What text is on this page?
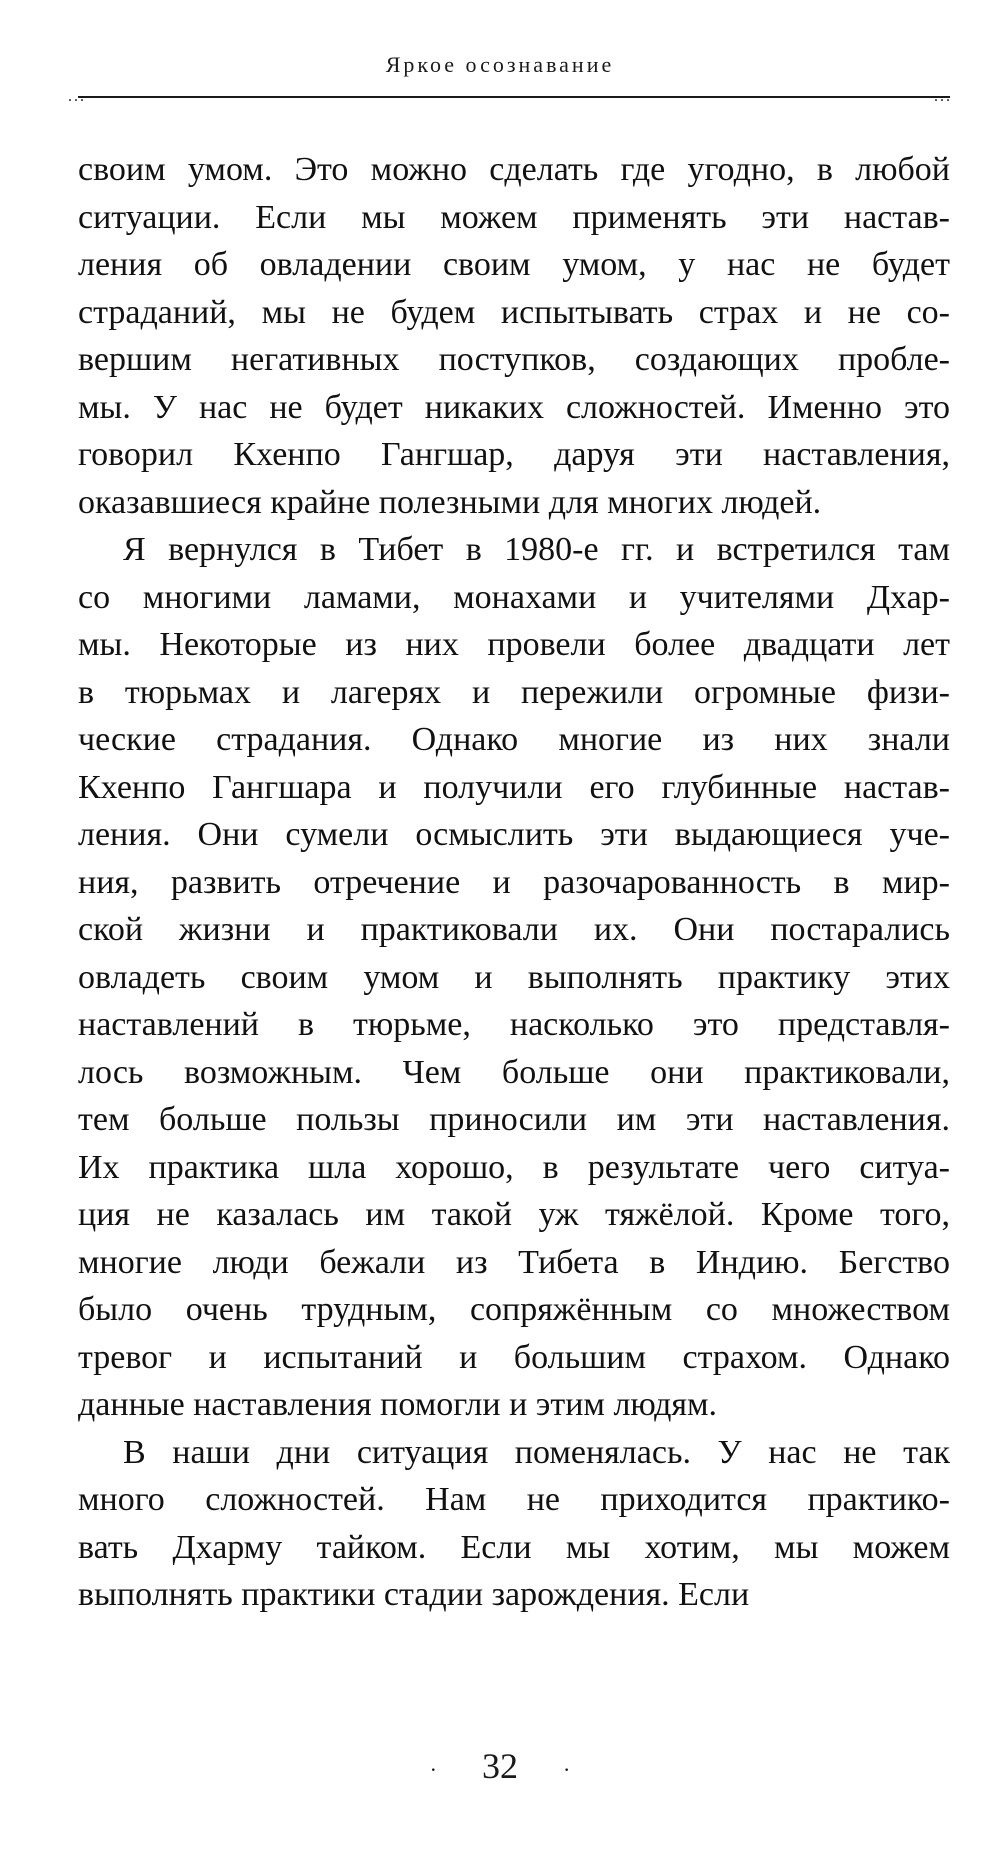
Яркое осознавание
...	...
своим умом. Это можно сделать где угодно, в любой
ситуации. Если мы можем применять эти настав-
ления об овладении своим умом, у нас не будет
страданий, мы не будем испытывать страх и не со-
вершим негативных поступков, создающих пробле-
мы. У нас не будет никаких сложностей. Именно это
говорил Кхенпо Гангшар, даруя эти наставления,
оказавшиеся крайне полезными для многих людей.
Я вернулся в Тибет в 1980-е гг. и встретился там
со многими ламами, монахами и учителями Дхар-
мы. Некоторые из них провели более двадцати лет
в тюрьмах и лагерях и пережили огромные физи-
ческие страдания. Однако многие из них знали
Кхенпо Гангшара и получили его глубинные настав-
ления. Они сумели осмыслить эти выдающиеся уче-
ния, развить отречение и разочарованность в мир-
ской жизни и практиковали их. Они постарались
овладеть своим умом и выполнять практику этих
наставлений в тюрьме, насколько это представля-
лось возможным. Чем больше они практиковали,
тем больше пользы приносили им эти наставления.
Их практика шла хорошо, в результате чего ситуа-
ция не казалась им такой уж тяжёлой. Кроме того,
многие люди бежали из Тибета в Индию. Бегство
было очень трудным, сопряжённым со множеством
тревог и испытаний и большим страхом. Однако
данные наставления помогли и этим людям.
В наши дни ситуация поменялась. У нас не так
много сложностей. Нам не приходится практико-
вать Дхарму тайком. Если мы хотим, мы можем
выполнять практики стадии зарождения. Если
· 32 ·
